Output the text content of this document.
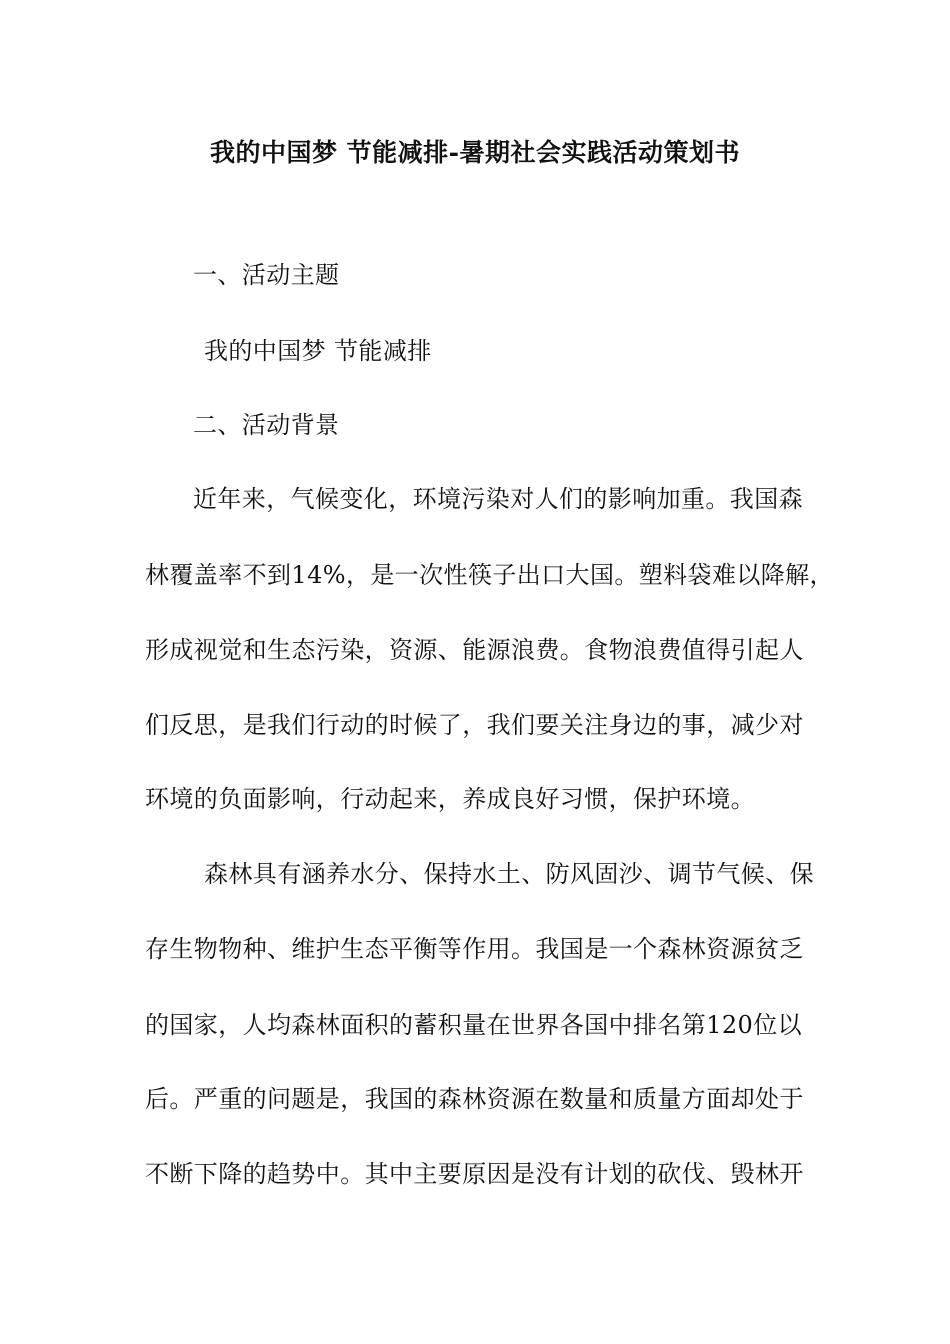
我的中国梦 节能减排-暑期社会实践活动策划书
一、活动主题
我的中国梦 节能减排
二、活动背景
近年来，气候变化，环境污染对人们的影响加重。我国森
林覆盖率不到14%，是一次性筷子出口大国。塑料袋难以降解，
形成视觉和生态污染，资源、能源浪费。食物浪费值得引起人
们反思，是我们行动的时候了，我们要关注身边的事，减少对
环境的负面影响，行动起来，养成良好习惯，保护环境。
森林具有涵养水分、保持水土、防风固沙、调节气候、保
存生物物种、维护生态平衡等作用。我国是一个森林资源贫乏
的国家，人均森林面积的蓄积量在世界各国中排名第120位以
后。严重的问题是，我国的森林资源在数量和质量方面却处于
不断下降的趋势中。其中主要原因是没有计划的砍伐、毁林开
